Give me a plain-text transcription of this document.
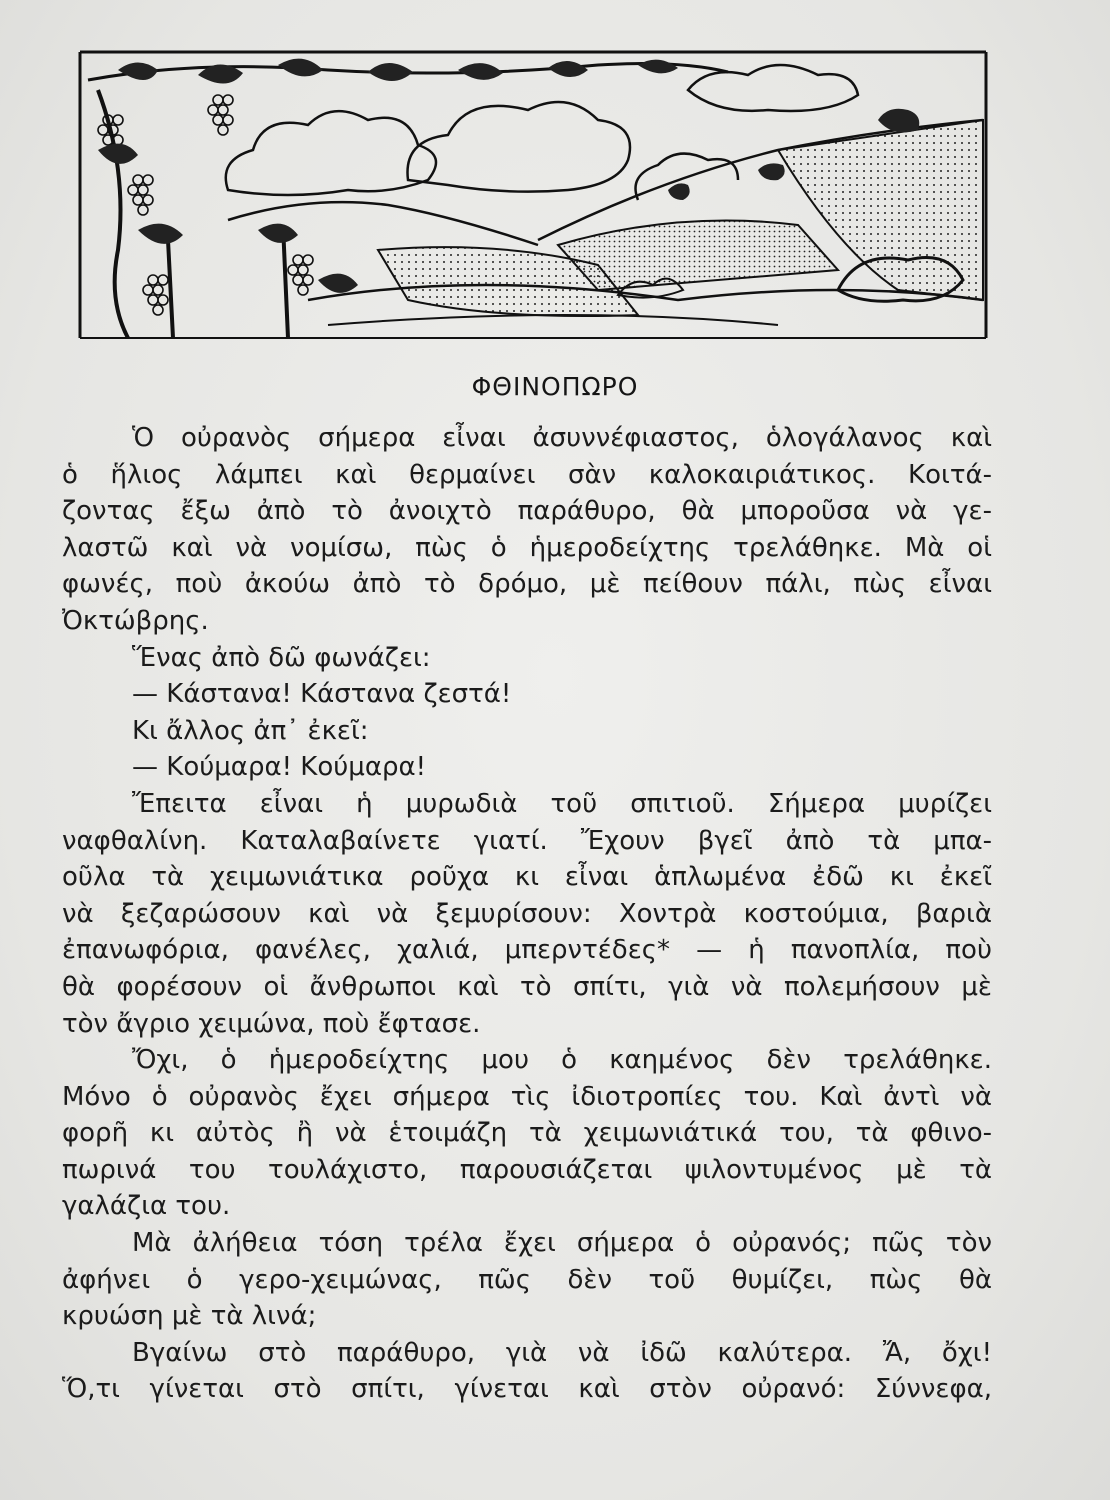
ΦΘΙΝΟΠΩΡΟ
Ὁ οὐρανὸς σήμερα εἶναι ἀσυννέφιαστος, ὁλογάλανος καὶ
ὁ ἥλιος λάμπει καὶ θερμαίνει σὰν καλοκαιριάτικος. Κοιτά-
ζοντας ἔξω ἀπὸ τὸ ἀνοιχτὸ παράθυρο, θὰ μποροῦσα νὰ γε-
λαστῶ καὶ νὰ νομίσω, πὼς ὁ ἡμεροδείχτης τρελάθηκε. Μὰ οἱ
φωνές, ποὺ ἀκούω ἀπὸ τὸ δρόμο, μὲ πείθουν πάλι, πὼς εἶναι
Ὀκτώβρης.
Ἕνας ἀπὸ δῶ φωνάζει:
— Κάστανα! Κάστανα ζεστά!
Κι ἄλλος ἀπ᾽ ἐκεῖ:
— Κούμαρα! Κούμαρα!
Ἔπειτα εἶναι ἡ μυρωδιὰ τοῦ σπιτιοῦ. Σήμερα μυρίζει
ναφθαλίνη. Καταλαβαίνετε γιατί. Ἔχουν βγεῖ ἀπὸ τὰ μπα-
οῦλα τὰ χειμωνιάτικα ροῦχα κι εἶναι ἁπλωμένα ἐδῶ κι ἐκεῖ
νὰ ξεζαρώσουν καὶ νὰ ξεμυρίσουν: Χοντρὰ κοστούμια, βαριὰ
ἐπανωφόρια, φανέλες, χαλιά, μπερντέδες* — ἡ πανοπλία, ποὺ
θὰ φορέσουν οἱ ἄνθρωποι καὶ τὸ σπίτι, γιὰ νὰ πολεμήσουν μὲ
τὸν ἄγριο χειμώνα, ποὺ ἔφτασε.
Ὄχι, ὁ ἡμεροδείχτης μου ὁ καημένος δὲν τρελάθηκε.
Μόνο ὁ οὐρανὸς ἔχει σήμερα τὶς ἰδιοτροπίες του. Καὶ ἀντὶ νὰ
φορῆ κι αὐτὸς ἢ νὰ ἑτοιμάζη τὰ χειμωνιάτικά του, τὰ φθινο-
πωρινά του τουλάχιστο, παρουσιάζεται ψιλοντυμένος μὲ τὰ
γαλάζια του.
Μὰ ἀλήθεια τόση τρέλα ἔχει σήμερα ὁ οὐρανός; πῶς τὸν
ἀφήνει ὁ γερο-χειμώνας, πῶς δὲν τοῦ θυμίζει, πὼς θὰ
κρυώση μὲ τὰ λινά;
Βγαίνω στὸ παράθυρο, γιὰ νὰ ἰδῶ καλύτερα. Ἄ, ὄχι!
Ὅ,τι γίνεται στὸ σπίτι, γίνεται καὶ στὸν οὐρανό: Σύννεφα,
